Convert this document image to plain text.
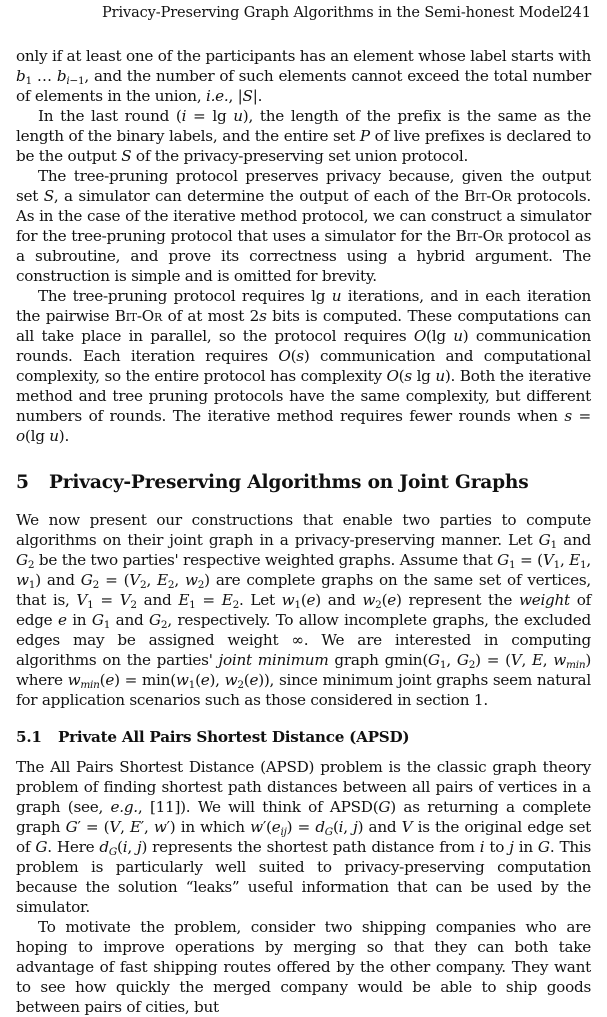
Privacy-Preserving Graph Algorithms in the Semi-honest Model
241

only if at least one of the participants has an element whose label starts with $b_1$ … $b_{i-1}$, and the number of such elements cannot exceed the total number of elements in the union, i.e., |S|.

In the last round (i = lg u), the length of the prefix is the same as the length of the binary labels, and the entire set P of live prefixes is declared to be the output S of the privacy-preserving set union protocol.

The tree-pruning protocol preserves privacy because, given the output set S, a simulator can determine the output of each of the Bit-Or protocols. As in the case of the iterative method protocol, we can construct a simulator for the tree-pruning protocol that uses a simulator for the Bit-Or protocol as a subroutine, and prove its correctness using a hybrid argument. The construction is simple and is omitted for brevity.

The tree-pruning protocol requires lg u iterations, and in each iteration the pairwise Bit-Or of at most 2s bits is computed. These computations can all take place in parallel, so the protocol requires O(lg u) communication rounds. Each iteration requires O(s) communication and computational complexity, so the entire protocol has complexity O(s lg u). Both the iterative method and tree pruning protocols have the same complexity, but different numbers of rounds. The iterative method requires fewer rounds when s = o(lg u).

5 Privacy-Preserving Algorithms on Joint Graphs

We now present our constructions that enable two parties to compute algorithms on their joint graph in a privacy-preserving manner. Let $G_1$ and $G_2$ be the two parties' respective weighted graphs. Assume that $G_1 = (V_1$, $E_1$, $w_1$) and $G_2 = (V_2$, $E_2$, $w_2$) are complete graphs on the same set of vertices, that is, $V_1 = V_2$ and $E_1 = E_2$. Let $w_1(e)$ and $w_2(e)$ represent the weight of edge e in $G_1$ and $G_2$, respectively. To allow incomplete graphs, the excluded edges may be assigned weight ∞. We are interested in computing algorithms on the parties' joint minimum graph $gmin(G_1$, $G_2) = (V$, E, $w_{min}$) where $w_{min}(e) = \min(w_1(e)$, $w_2(e)$), since minimum joint graphs seem natural for application scenarios such as those considered in section 1.

5.1 Private All Pairs Shortest Distance (APSD)

The All Pairs Shortest Distance (APSD) problem is the classic graph theory problem of finding shortest path distances between all pairs of vertices in a graph (see, e.g., [11]). We will think of APSD(G) as returning a complete graph G′ = (V, E′, w′) in which $w'(e_{ij}) = d_G(i$, j) and V is the original edge set of G. Here $d_G(i$, j) represents the shortest path distance from i to j in G. This problem is particularly well suited to privacy-preserving computation because the solution “leaks” useful information that can be used by the simulator.

To motivate the problem, consider two shipping companies who are hoping to improve operations by merging so that they can both take advantage of fast shipping routes offered by the other company. They want to see how quickly the merged company would be able to ship goods between pairs of cities, but
